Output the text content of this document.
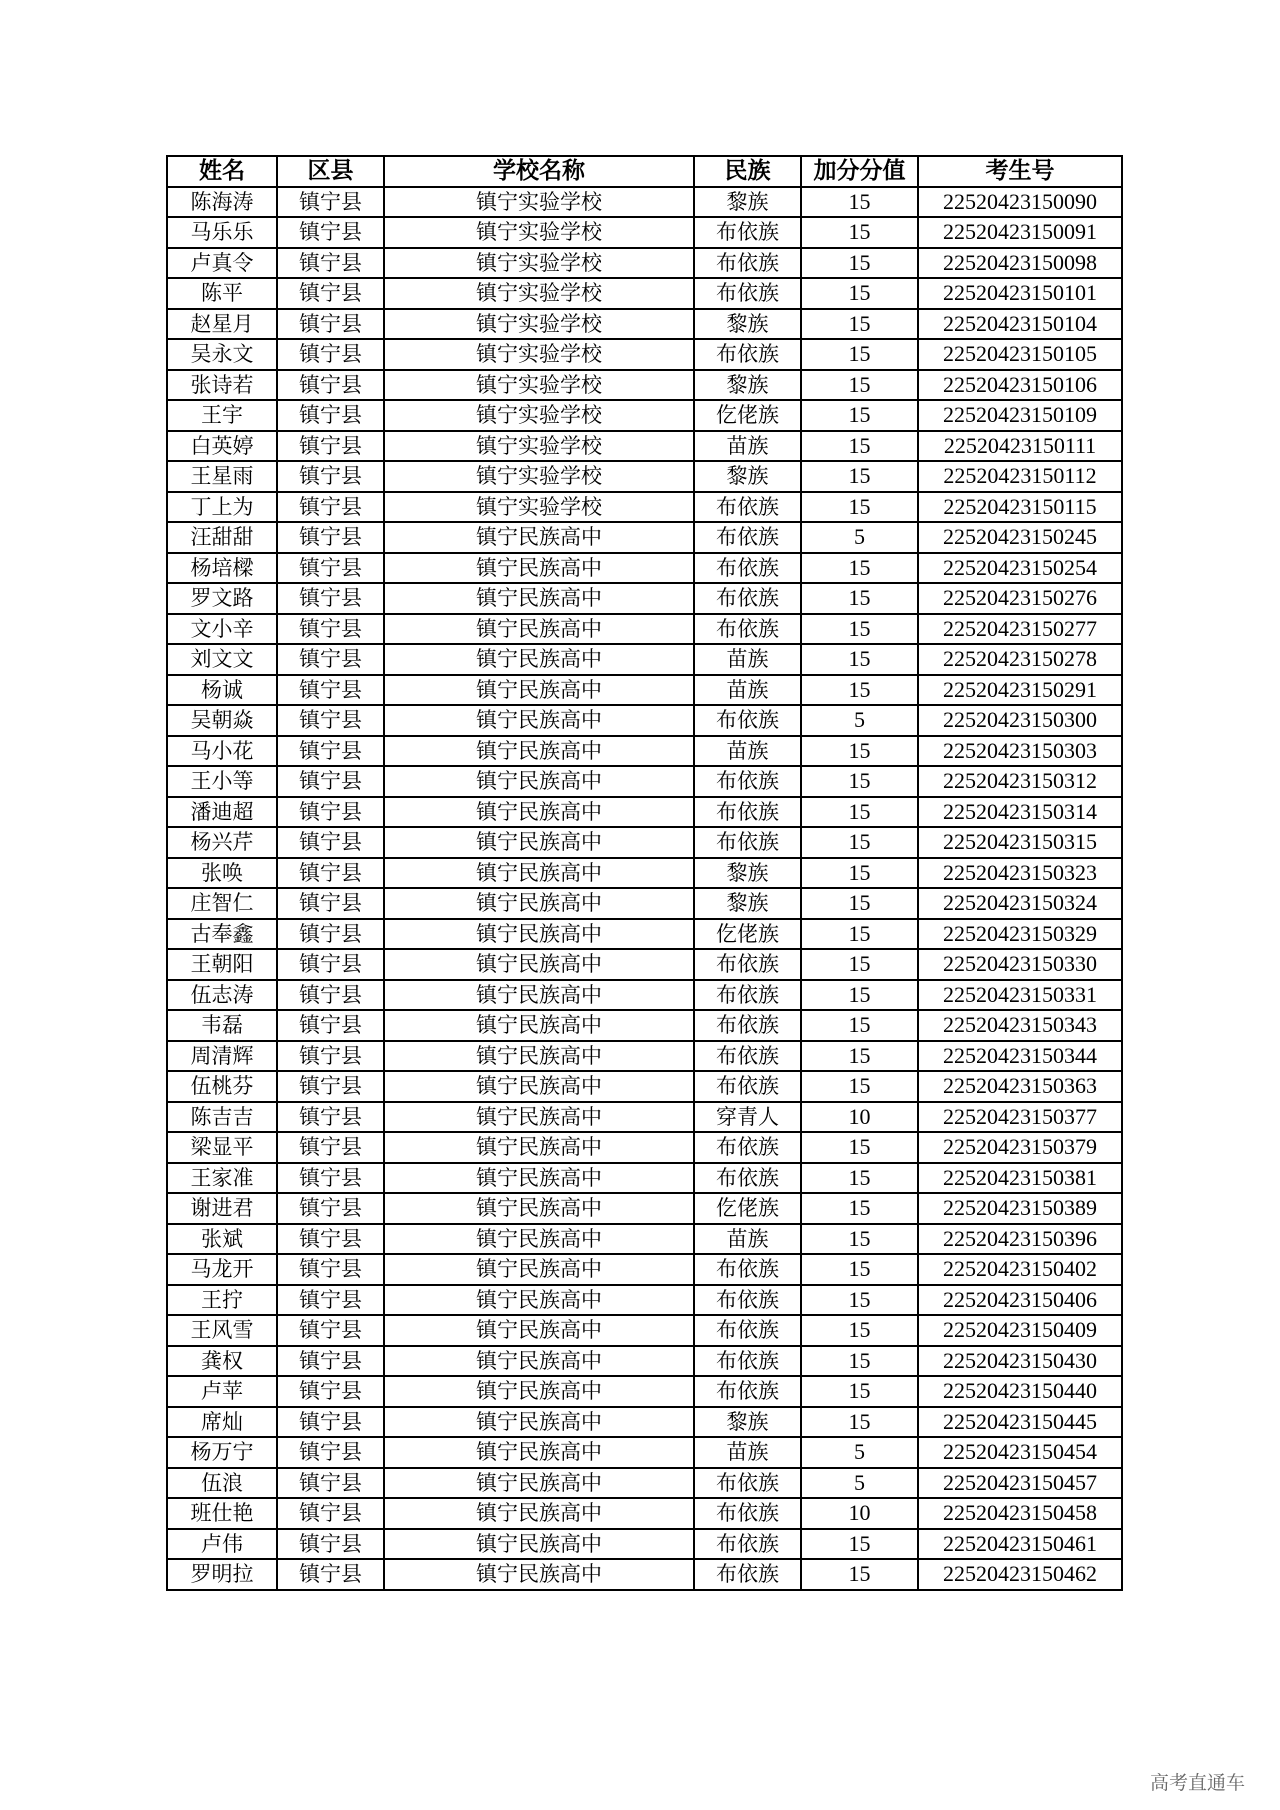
姓名	区县	学校名称	民族	加分分值	考生号
陈海涛	镇宁县	镇宁实验学校	黎族	15	22520423150090
马乐乐	镇宁县	镇宁实验学校	布依族	15	22520423150091
卢真令	镇宁县	镇宁实验学校	布依族	15	22520423150098
陈平	镇宁县	镇宁实验学校	布依族	15	22520423150101
赵星月	镇宁县	镇宁实验学校	黎族	15	22520423150104
吴永文	镇宁县	镇宁实验学校	布依族	15	22520423150105
张诗若	镇宁县	镇宁实验学校	黎族	15	22520423150106
王宇	镇宁县	镇宁实验学校	仡佬族	15	22520423150109
白英婷	镇宁县	镇宁实验学校	苗族	15	22520423150111
王星雨	镇宁县	镇宁实验学校	黎族	15	22520423150112
丁上为	镇宁县	镇宁实验学校	布依族	15	22520423150115
汪甜甜	镇宁县	镇宁民族高中	布依族	5	22520423150245
杨培樑	镇宁县	镇宁民族高中	布依族	15	22520423150254
罗文路	镇宁县	镇宁民族高中	布依族	15	22520423150276
文小辛	镇宁县	镇宁民族高中	布依族	15	22520423150277
刘文文	镇宁县	镇宁民族高中	苗族	15	22520423150278
杨诚	镇宁县	镇宁民族高中	苗族	15	22520423150291
吴朝焱	镇宁县	镇宁民族高中	布依族	5	22520423150300
马小花	镇宁县	镇宁民族高中	苗族	15	22520423150303
王小等	镇宁县	镇宁民族高中	布依族	15	22520423150312
潘迪超	镇宁县	镇宁民族高中	布依族	15	22520423150314
杨兴芹	镇宁县	镇宁民族高中	布依族	15	22520423150315
张唤	镇宁县	镇宁民族高中	黎族	15	22520423150323
庄智仁	镇宁县	镇宁民族高中	黎族	15	22520423150324
古奉鑫	镇宁县	镇宁民族高中	仡佬族	15	22520423150329
王朝阳	镇宁县	镇宁民族高中	布依族	15	22520423150330
伍志涛	镇宁县	镇宁民族高中	布依族	15	22520423150331
韦磊	镇宁县	镇宁民族高中	布依族	15	22520423150343
周清辉	镇宁县	镇宁民族高中	布依族	15	22520423150344
伍桃芬	镇宁县	镇宁民族高中	布依族	15	22520423150363
陈吉吉	镇宁县	镇宁民族高中	穿青人	10	22520423150377
梁显平	镇宁县	镇宁民族高中	布依族	15	22520423150379
王家准	镇宁县	镇宁民族高中	布依族	15	22520423150381
谢进君	镇宁县	镇宁民族高中	仡佬族	15	22520423150389
张斌	镇宁县	镇宁民族高中	苗族	15	22520423150396
马龙开	镇宁县	镇宁民族高中	布依族	15	22520423150402
王拧	镇宁县	镇宁民族高中	布依族	15	22520423150406
王风雪	镇宁县	镇宁民族高中	布依族	15	22520423150409
龚权	镇宁县	镇宁民族高中	布依族	15	22520423150430
卢苹	镇宁县	镇宁民族高中	布依族	15	22520423150440
席灿	镇宁县	镇宁民族高中	黎族	15	22520423150445
杨万宁	镇宁县	镇宁民族高中	苗族	5	22520423150454
伍浪	镇宁县	镇宁民族高中	布依族	5	22520423150457
班仕艳	镇宁县	镇宁民族高中	布依族	10	22520423150458
卢伟	镇宁县	镇宁民族高中	布依族	15	22520423150461
罗明拉	镇宁县	镇宁民族高中	布依族	15	22520423150462
高考直通车
